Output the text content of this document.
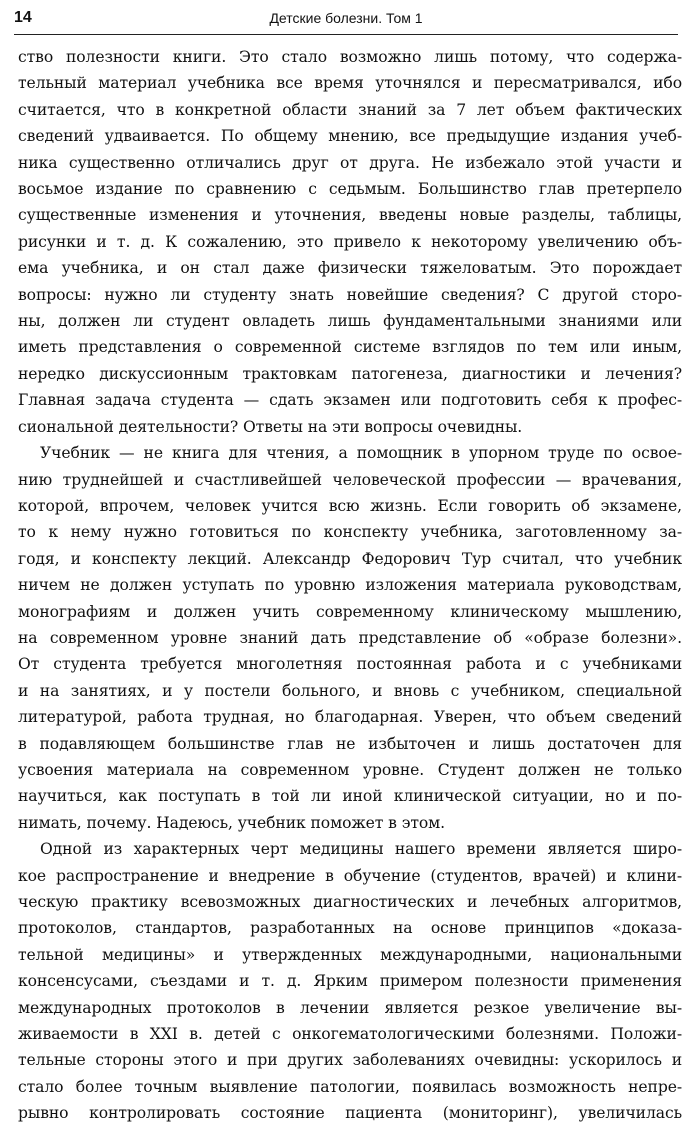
14	Детские болезни. Том 1
ство полезности книги. Это стало возможно лишь потому, что содержа-
тельный материал учебника все время уточнялся и пересматривался, ибо
считается, что в конкретной области знаний за 7 лет объем фактических
сведений удваивается. По общему мнению, все предыдущие издания учеб-
ника существенно отличались друг от друга. Не избежало этой участи и
восьмое издание по сравнению с седьмым. Большинство глав претерпело
существенные изменения и уточнения, введены новые разделы, таблицы,
рисунки и т. д. К сожалению, это привело к некоторому увеличению объ-
ема учебника, и он стал даже физически тяжеловатым. Это порождает
вопросы: нужно ли студенту знать новейшие сведения? С другой сторо-
ны, должен ли студент овладеть лишь фундаментальными знаниями или
иметь представления о современной системе взглядов по тем или иным,
нередко дискуссионным трактовкам патогенеза, диагностики и лечения?
Главная задача студента — сдать экзамен или подготовить себя к профес-
сиональной деятельности? Ответы на эти вопросы очевидны.
Учебник — не книга для чтения, а помощник в упорном труде по освое-
нию труднейшей и счастливейшей человеческой профессии — врачевания,
которой, впрочем, человек учится всю жизнь. Если говорить об экзамене,
то к нему нужно готовиться по конспекту учебника, заготовленному за-
годя, и конспекту лекций. Александр Федорович Тур считал, что учебник
ничем не должен уступать по уровню изложения материала руководствам,
монографиям и должен учить современному клиническому мышлению,
на современном уровне знаний дать представление об «образе болезни».
От студента требуется многолетняя постоянная работа и с учебниками
и на занятиях, и у постели больного, и вновь с учебником, специальной
литературой, работа трудная, но благодарная. Уверен, что объем сведений
в подавляющем большинстве глав не избыточен и лишь достаточен для
усвоения материала на современном уровне. Студент должен не только
научиться, как поступать в той ли иной клинической ситуации, но и по-
нимать, почему. Надеюсь, учебник поможет в этом.
Одной из характерных черт медицины нашего времени является широ-
кое распространение и внедрение в обучение (студентов, врачей) и клини-
ческую практику всевозможных диагностических и лечебных алгоритмов,
протоколов, стандартов, разработанных на основе принципов «доказа-
тельной медицины» и утвержденных международными, национальными
консенсусами, съездами и т. д. Ярким примером полезности применения
международных протоколов в лечении является резкое увеличение вы-
живаемости в XXI в. детей с онкогематологическими болезнями. Положи-
тельные стороны этого и при других заболеваниях очевидны: ускорилось и
стало более точным выявление патологии, появилась возможность непре-
рывно контролировать состояние пациента (мониторинг), увеличилась
